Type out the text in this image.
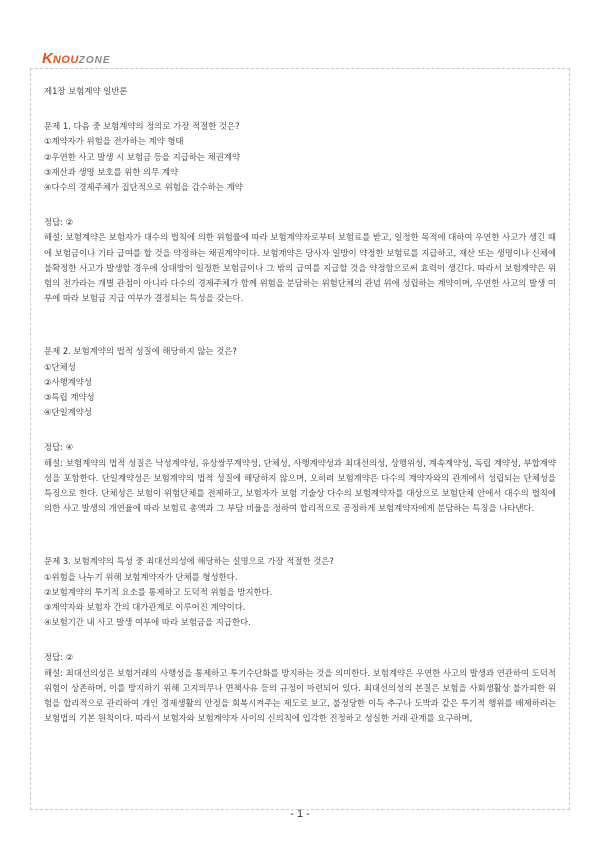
K NOU ZONE

제1장 보험계약 일반론

문제 1. 다음 중 보험계약의 정의로 가장 적절한 것은?

①계약자가 위험을 전가하는 계약 형태

②우연한 사고 발생 시 보험금 등을 지급하는 채권계약

③재산과 생명 보호를 위한 의무 계약

④다수의 경제주체가 집단적으로 위험을 감수하는 계약

정답: ②

해설: 보험계약은 보험자가 대수의 법칙에 의한 위험률에 따라 보험계약자로부터 보험료를 받고, 일정한 목적에 대하여 우연한 사고가 생긴 때에 보험금이나 기타 급여를 할 것을 약정하는 채권계약이다. 보험계약은 당사자 일방이 약정한 보험료를 지급하고, 재산 또는 생명이나 신체에 불확정한 사고가 발생할 경우에 상대방이 일정한 보험금이나 그 밖의 급여를 지급할 것을 약정함으로써 효력이 생긴다. 따라서 보험계약은 위험의 전가라는 개별 관점이 아니라 다수의 경제주체가 함께 위험을 분담하는 위험단체의 관념 위에 성립하는 계약이며, 우연한 사고의 발생 여부에 따라 보험금 지급 여부가 결정되는 특성을 갖는다.

문제 2. 보험계약의 법적 성질에 해당하지 않는 것은?

①단체성

②사행계약성

③특립 계약성

④단일계약성

정답: ④

해설: 보험계약의 법적 성질은 낙성계약성, 유상쌍무계약성, 단체성, 사행계약성과 최대선의성, 상행위성, 계속계약성, 독립 계약성, 부합계약성을 포함한다. 단일계약성은 보험계약의 법적 성질에 해당하지 않으며, 오히려 보험계약은 다수의 계약자와의 관계에서 성립되는 단체성을 특징으로 한다. 단체성은 보험이 위험단체를 전제하고, 보험자가 보험 기술상 다수의 보험계약자를 대상으로 보험단체 안에서 대수의 법칙에 의한 사고 발생의 개연율에 따라 보험료 총액과 그 부담 비율을 정하여 합리적으로 공정하게 보험계약자에게 분담하는 특징을 나타낸다.

문제 3. 보험계약의 특성 중 최대선의성에 해당하는 설명으로 가장 적절한 것은?

①위험을 나누기 위해 보험계약자가 단체를 형성한다.

②보험계약의 투기적 요소를 통제하고 도덕적 위험을 방지한다.

③계약자와 보험자 간의 대가관계로 이루어진 계약이다.

④보험기간 내 사고 발생 여부에 따라 보험금을 지급한다.

정답: ②

해설: 최대선의성은 보험거래의 사행성을 통제하고 투기수단화를 방지하는 것을 의미한다. 보험계약은 우연한 사고의 발생과 연관하여 도덕적 위험이 상존하며, 이를 방지하기 위해 고지의무나 면책사유 등의 규정이 마련되어 있다. 최대선의성의 본질은 보험을 사회생활상 불가피한 위험을 합리적으로 관리하여 개인 경제생활의 안정을 회복시켜주는 제도로 보고, 불정당한 이득 추구나 도박과 같은 투기적 행위를 배제하려는 보험법의 기본 원칙이다. 따라서 보험자와 보험계약자 사이의 신의칙에 입각한 진정하고 성실한 거래 관계를 요구하며,

- 1 -
